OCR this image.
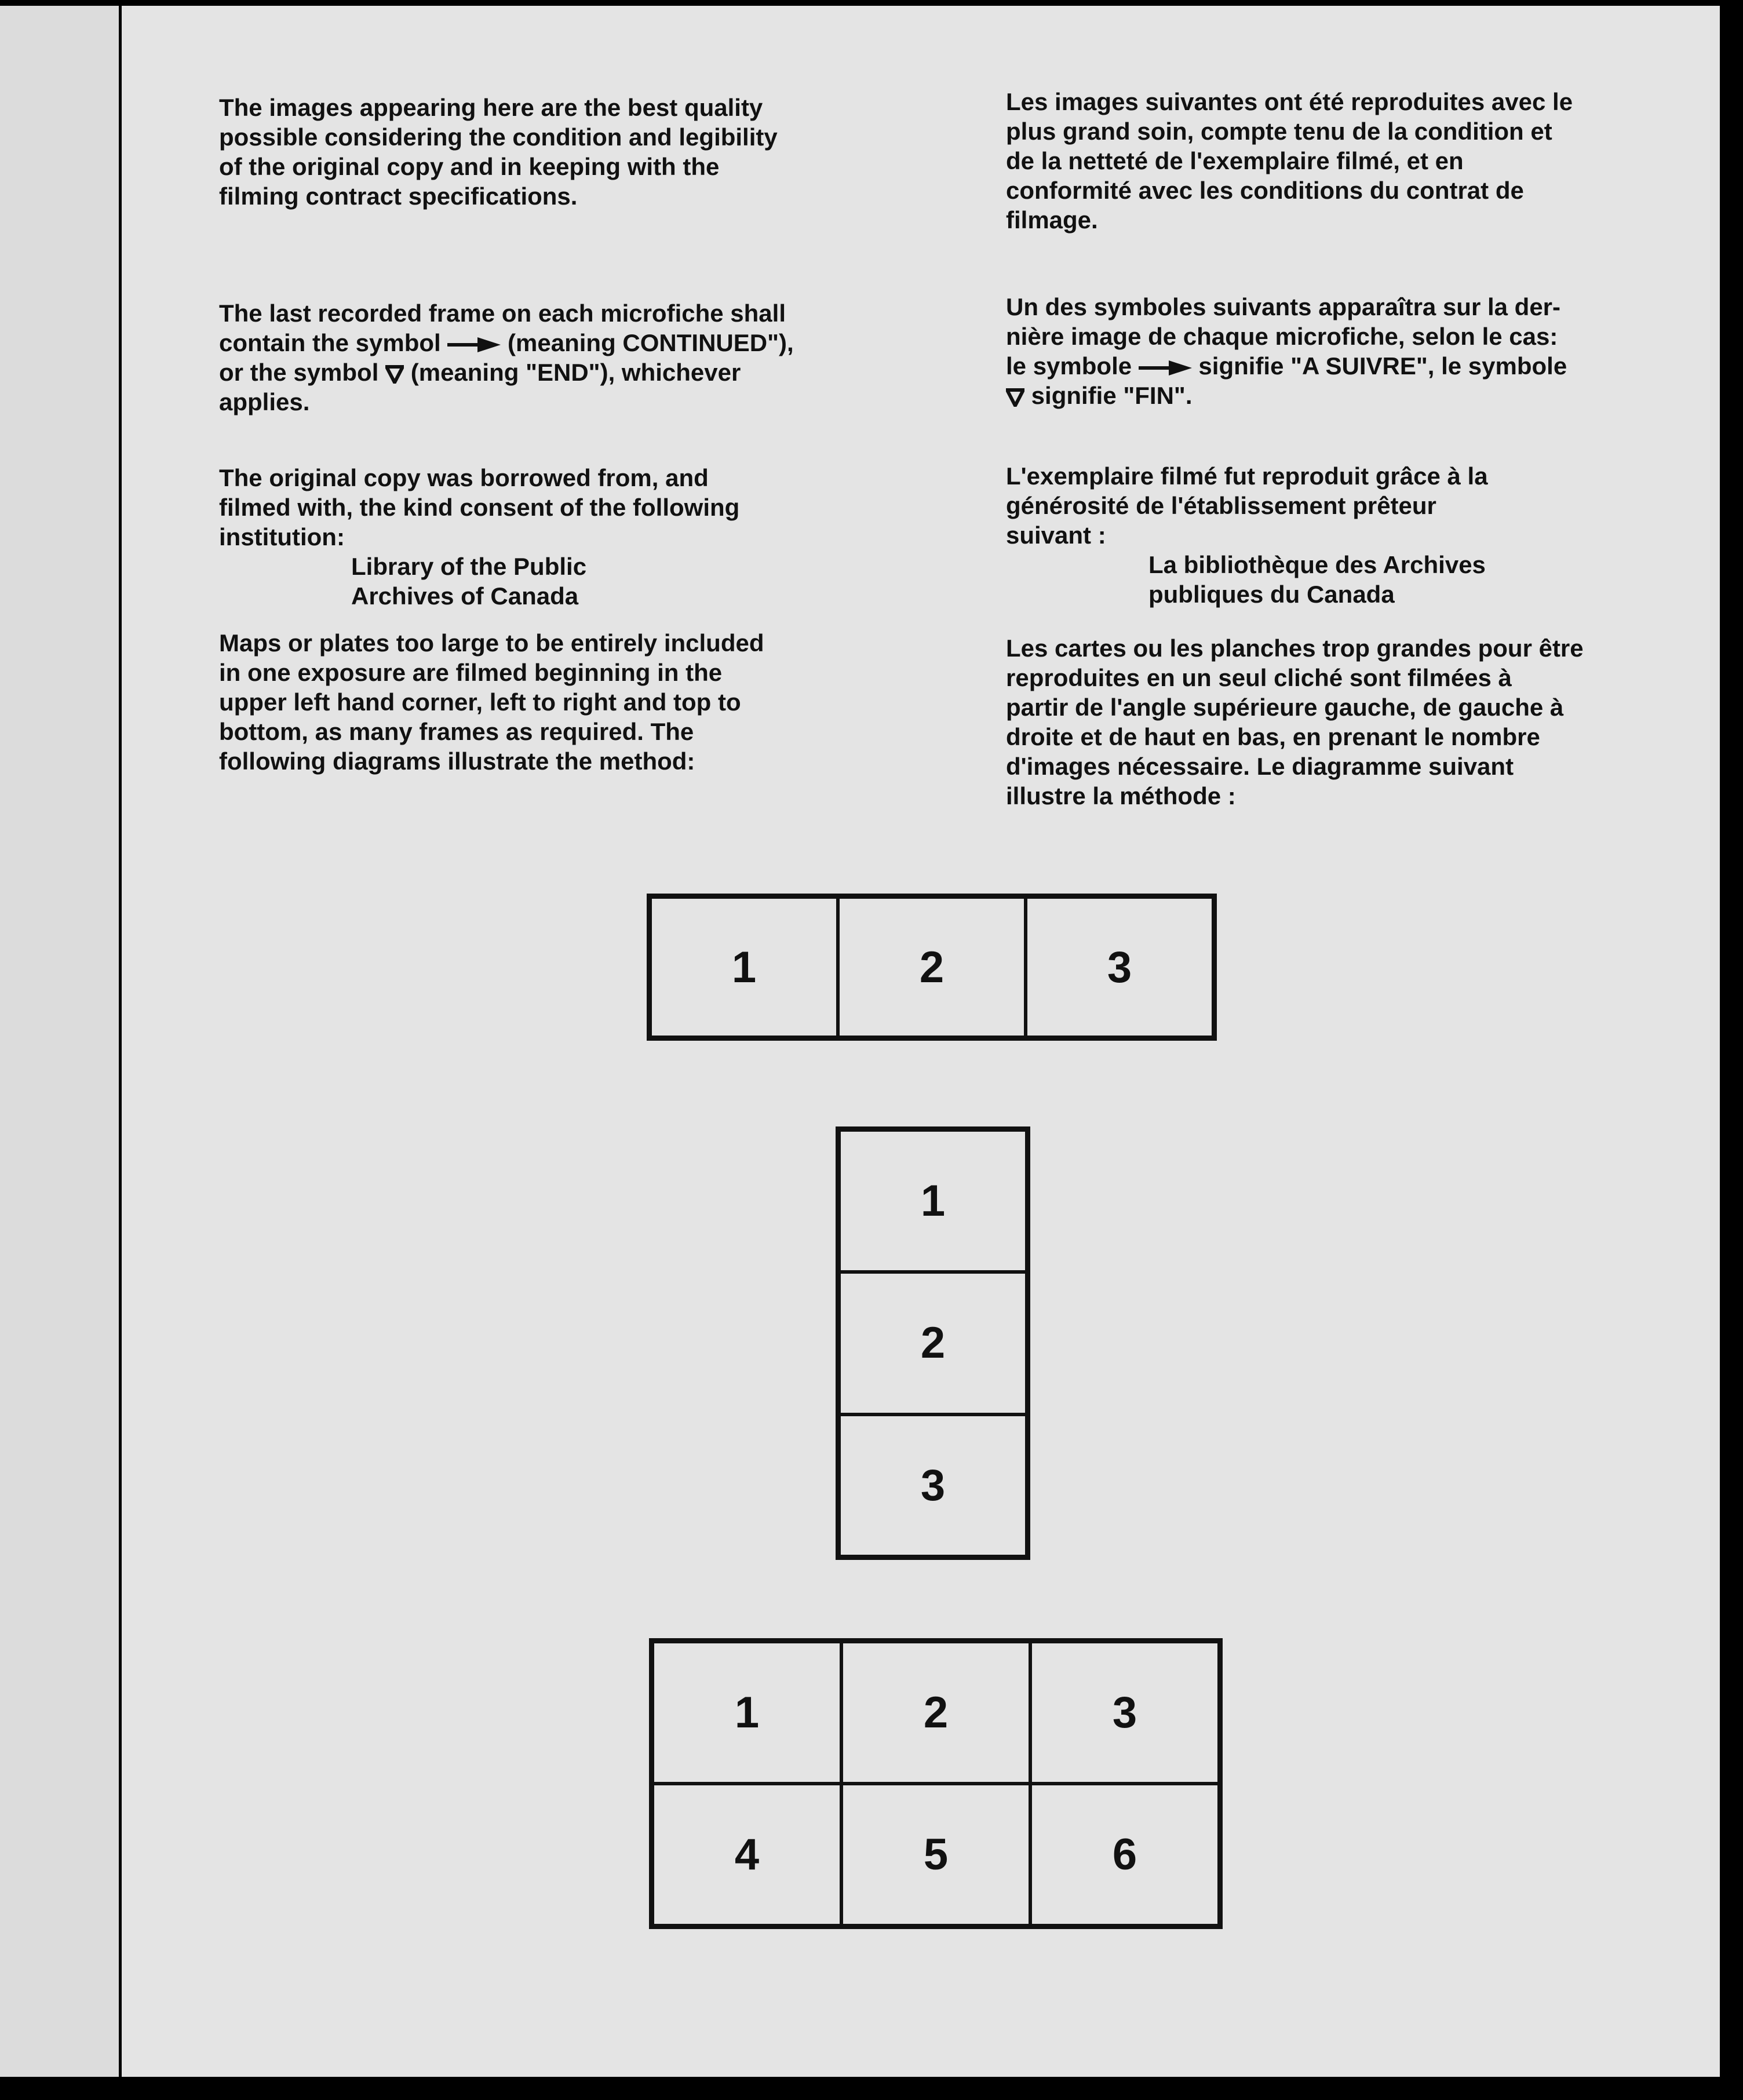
The images appearing here are the best quality

possible considering the condition and legibility

of the original copy and in keeping with the

filming contract specifications.

The last recorded frame on each microfiche shall

contain the symbol  (meaning CONTINUED"),

or the symbol  (meaning "END"), whichever

applies.

The original copy was borrowed from, and

filmed with, the kind consent of the following

institution:

Library of the Public

Archives of Canada

Maps or plates too large to be entirely included

in one exposure are filmed beginning in the

upper left hand corner, left to right and top to

bottom, as many frames as required. The

following diagrams illustrate the method:

Les images suivantes ont été reproduites avec le

plus grand soin, compte tenu de la condition et

de la netteté de l'exemplaire filmé, et en

conformité avec les conditions du contrat de

filmage.

Un des symboles suivants apparaîtra sur la der-

nière image de chaque microfiche, selon le cas:

le symbole  signifie "A SUIVRE", le symbole

signifie "FIN".

L'exemplaire filmé fut reproduit grâce à la

générosité de l'établissement prêteur

suivant :

La bibliothèque des Archives

publiques du Canada

Les cartes ou les planches trop grandes pour être

reproduites en un seul cliché sont filmées à

partir de l'angle supérieure gauche, de gauche à

droite et de haut en bas, en prenant le nombre

d'images nécessaire. Le diagramme suivant

illustre la méthode :

1	2	3
1
2
3
1	2	3
4	5	6
